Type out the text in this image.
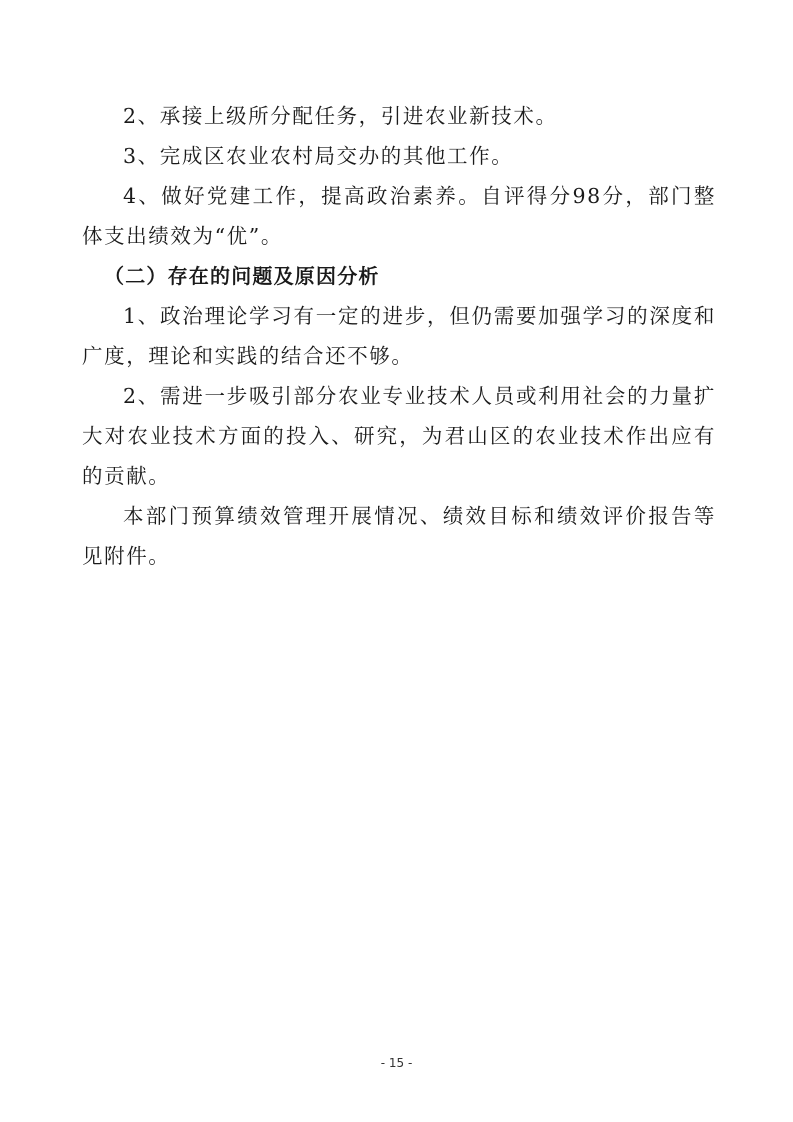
2、承接上级所分配任务，引进农业新技术。

3、完成区农业农村局交办的其他工作。

4、做好党建工作，提高政治素养。自评得分98分，部门整体支出绩效为“优”。

（二）存在的问题及原因分析

1、政治理论学习有一定的进步，但仍需要加强学习的深度和广度，理论和实践的结合还不够。

2、需进一步吸引部分农业专业技术人员或利用社会的力量扩大对农业技术方面的投入、研究，为君山区的农业技术作出应有的贡献。

本部门预算绩效管理开展情况、绩效目标和绩效评价报告等见附件。

- 15 -
